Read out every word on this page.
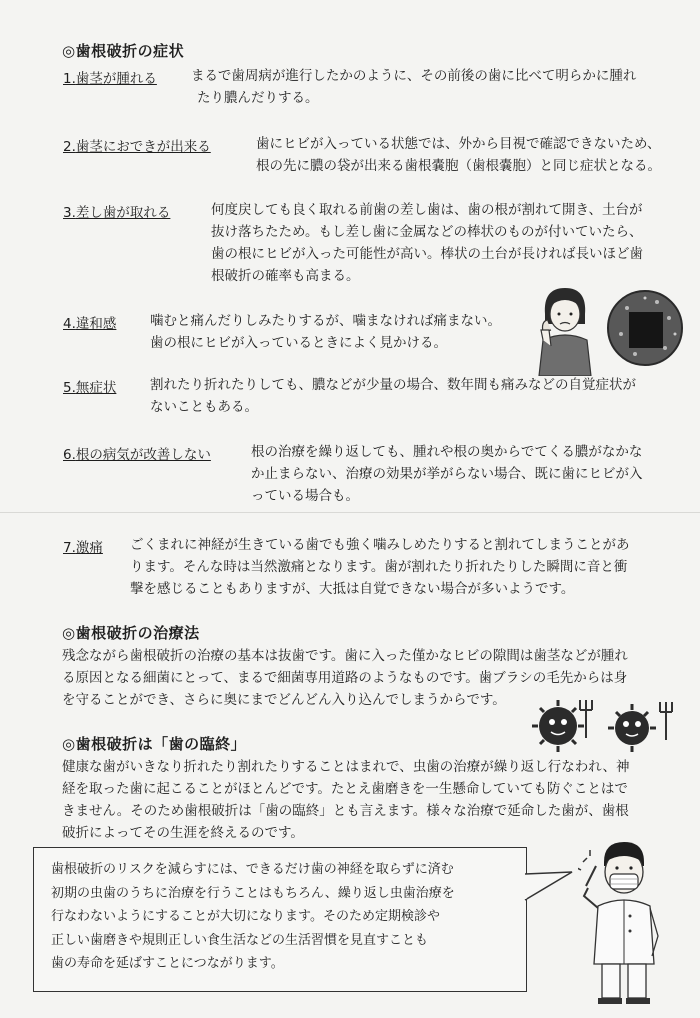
◎歯根破折の症状
1.歯茎が腫れる	まるで歯周病が進行したかのように、その前後の歯に比べて明らかに腫れ
たり膿んだりする。
2.歯茎におできが出来る	歯にヒビが入っている状態では、外から目視で確認できないため、
根の先に膿の袋が出来る歯根嚢胞（歯根嚢胞）と同じ症状となる。
3.差し歯が取れる	何度戻しても良く取れる前歯の差し歯は、歯の根が割れて開き、土台が
抜け落ちたため。もし差し歯に金属などの棒状のものが付いていたら、
歯の根にヒビが入った可能性が高い。棒状の土台が長ければ長いほど歯
根破折の確率も高まる。
4.違和感 噛むと痛んだりしみたりするが、噛まなければ痛まない。
歯の根にヒビが入っているときによく見かける。
5.無症状 割れたり折れたりしても、膿などが少量の場合、数年間も痛みなどの自覚症状が
ないこともある。
6.根の病気が改善しない	根の治療を繰り返しても、腫れや根の奥からでてくる膿がなかな
か止まらない、治療の効果が挙がらない場合、既に歯にヒビが入
っている場合も。
7.激痛 ごくまれに神経が生きている歯でも強く噛みしめたりすると割れてしまうことがあ
ります。そんな時は当然激痛となります。歯が割れたり折れたりした瞬間に音と衝
撃を感じることもありますが、大抵は自覚できない場合が多いようです。
◎歯根破折の治療法
残念ながら歯根破折の治療の基本は抜歯です。歯に入った僅かなヒビの隙間は歯茎などが腫れ
る原因となる細菌にとって、まるで細菌専用道路のようなものです。歯ブラシの毛先からは身
を守ることができ、さらに奥にまでどんどん入り込んでしまうからです。
◎歯根破折は「歯の臨終」
健康な歯がいきなり折れたり割れたりすることはまれで、虫歯の治療が繰り返し行なわれ、神
経を取った歯に起こることがほとんどです。たとえ歯磨きを一生懸命していても防ぐことはで
きません。そのため歯根破折は「歯の臨終」とも言えます。様々な治療で延命した歯が、歯根
破折によってその生涯を終えるのです。
歯根破折のリスクを減らすには、できるだけ歯の神経を取らずに済む
初期の虫歯のうちに治療を行うことはもちろん、繰り返し虫歯治療を
行なわないようにすることが大切になります。そのため定期検診や
正しい歯磨きや規則正しい食生活などの生活習慣を見直すことも
歯の寿命を延ばすことにつながります。
